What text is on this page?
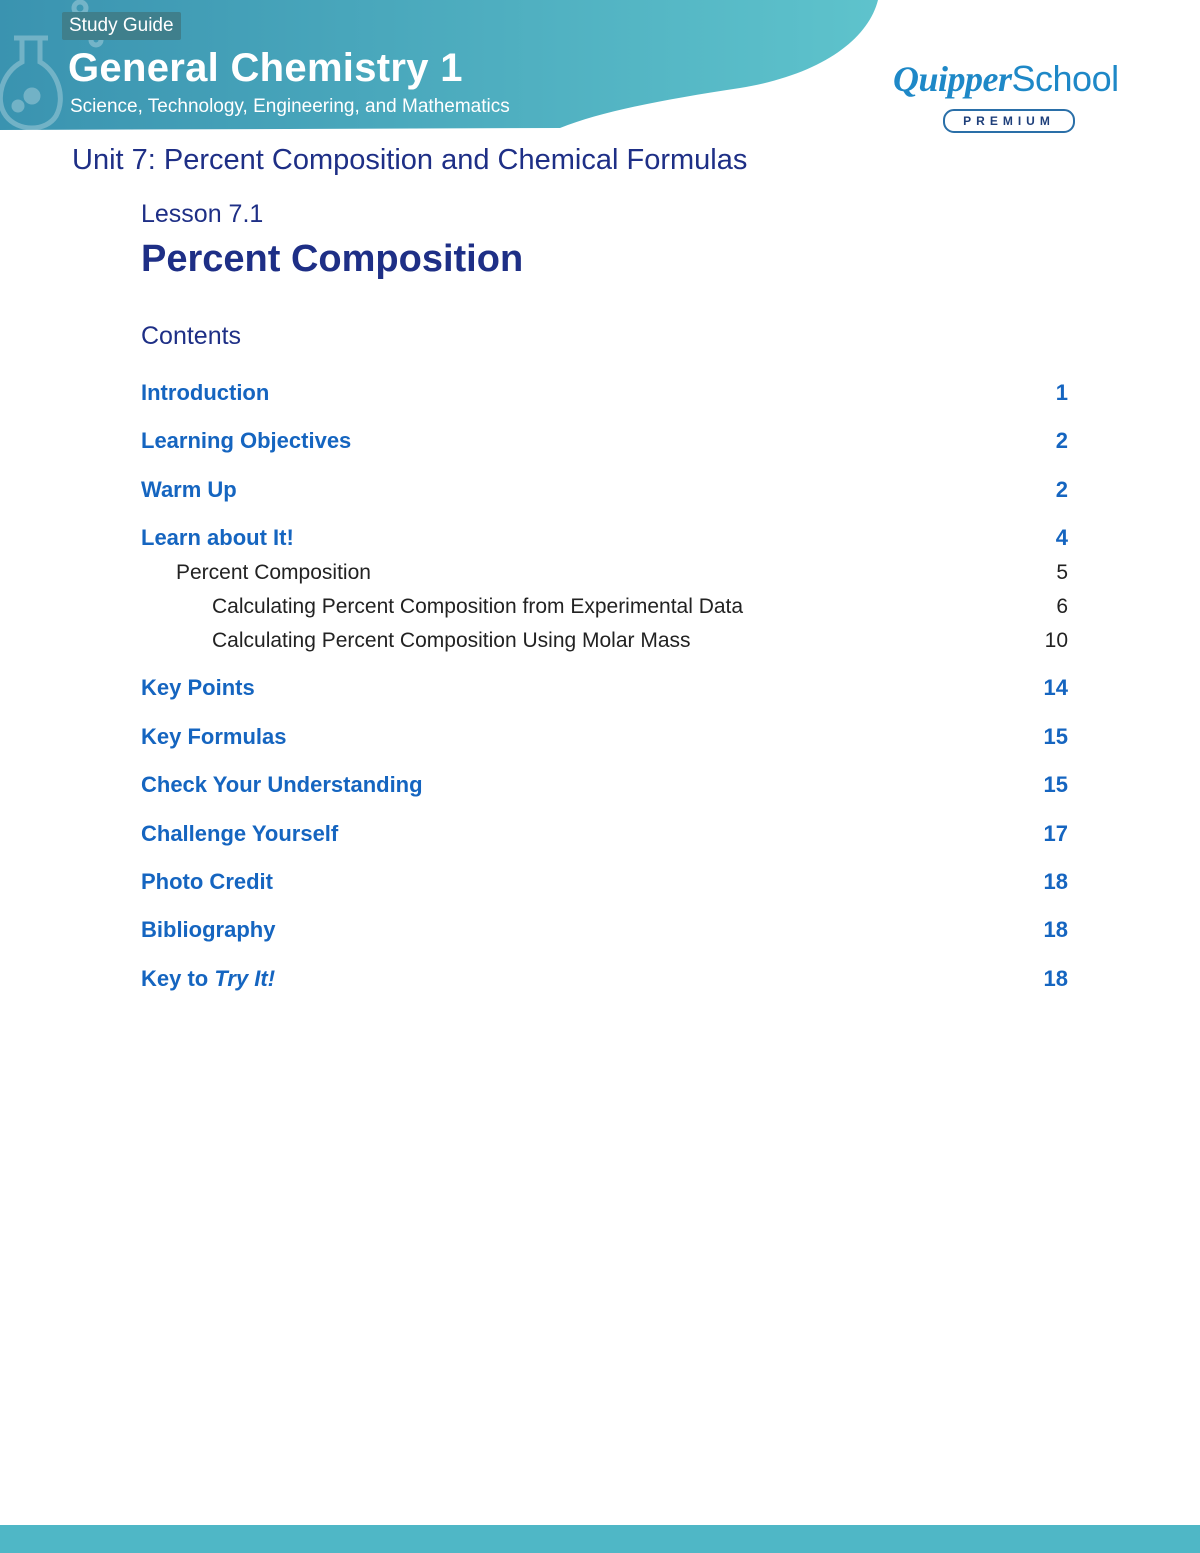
Study Guide
General Chemistry 1
Science, Technology, Engineering, and Mathematics
QuipperSchool
PREMIUM
Unit 7: Percent Composition and Chemical Formulas
Lesson 7.1
Percent Composition
Contents
Introduction	1
Learning Objectives	2
Warm Up	2
Learn about It!	4
Percent Composition	5
Calculating Percent Composition from Experimental Data	6
Calculating Percent Composition Using Molar Mass	10
Key Points	14
Key Formulas	15
Check Your Understanding	15
Challenge Yourself	17
Photo Credit	18
Bibliography	18
Key to Try It!	18
